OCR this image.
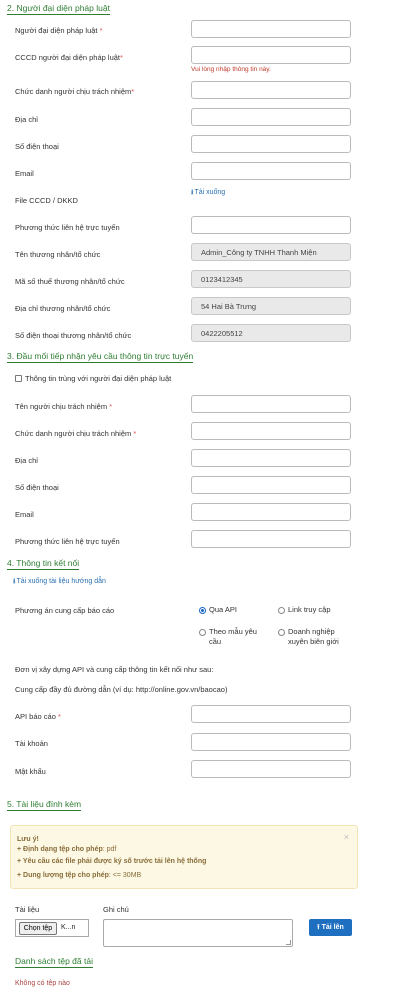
2. Người đại diện pháp luật
Người đại diện pháp luật *
CCCD người đại diện pháp luật*
Vui lòng nhập thông tin này.
Chức danh người chịu trách nhiệm*
Địa chỉ
Số điện thoại
Email
File CCCD / DKKD
⭳Tải xuống
Phương thức liên hệ trực tuyến
Tên thương nhân/tổ chức	Admin_Công ty TNHH Thanh Miện
Mã số thuế thương nhân/tổ chức	0123412345
Địa chỉ thương nhân/tổ chức	54 Hai Bà Trưng
Số điện thoại thương nhân/tổ chức	0422205512
3. Đầu mối tiếp nhận yêu cầu thông tin trực tuyến
Thông tin trùng với người đại diện pháp luật
Tên người chịu trách nhiệm *
Chức danh người chịu trách nhiệm *
Địa chỉ
Số điện thoại
Email
Phương thức liên hệ trực tuyến
4. Thông tin kết nối
⭳Tải xuống tài liệu hướng dẫn
Phương án cung cấp báo cáo	Qua API	Link truy cập
Theo mẫu yêu
cầu
Doanh nghiệp
xuyên biên giới
Đơn vị xây dựng API và cung cấp thông tin kết nối như sau:
Cung cấp đầy đủ đường dẫn (ví dụ: http://online.gov.vn/baocao)
API báo cáo *
Tài khoản
Mật khẩu
5. Tài liệu đính kèm
Lưu ý!
+ Định dạng tệp cho phép: pdf
+ Yêu cầu các file phải được ký số trước tải lên hệ thống
+ Dung lượng tệp cho phép: <= 30MB
×
Tài liệu	Ghi chú
Chọn tệp	K...n	⭱ Tải lên
Danh sách tệp đã tải
Không có tệp nào
